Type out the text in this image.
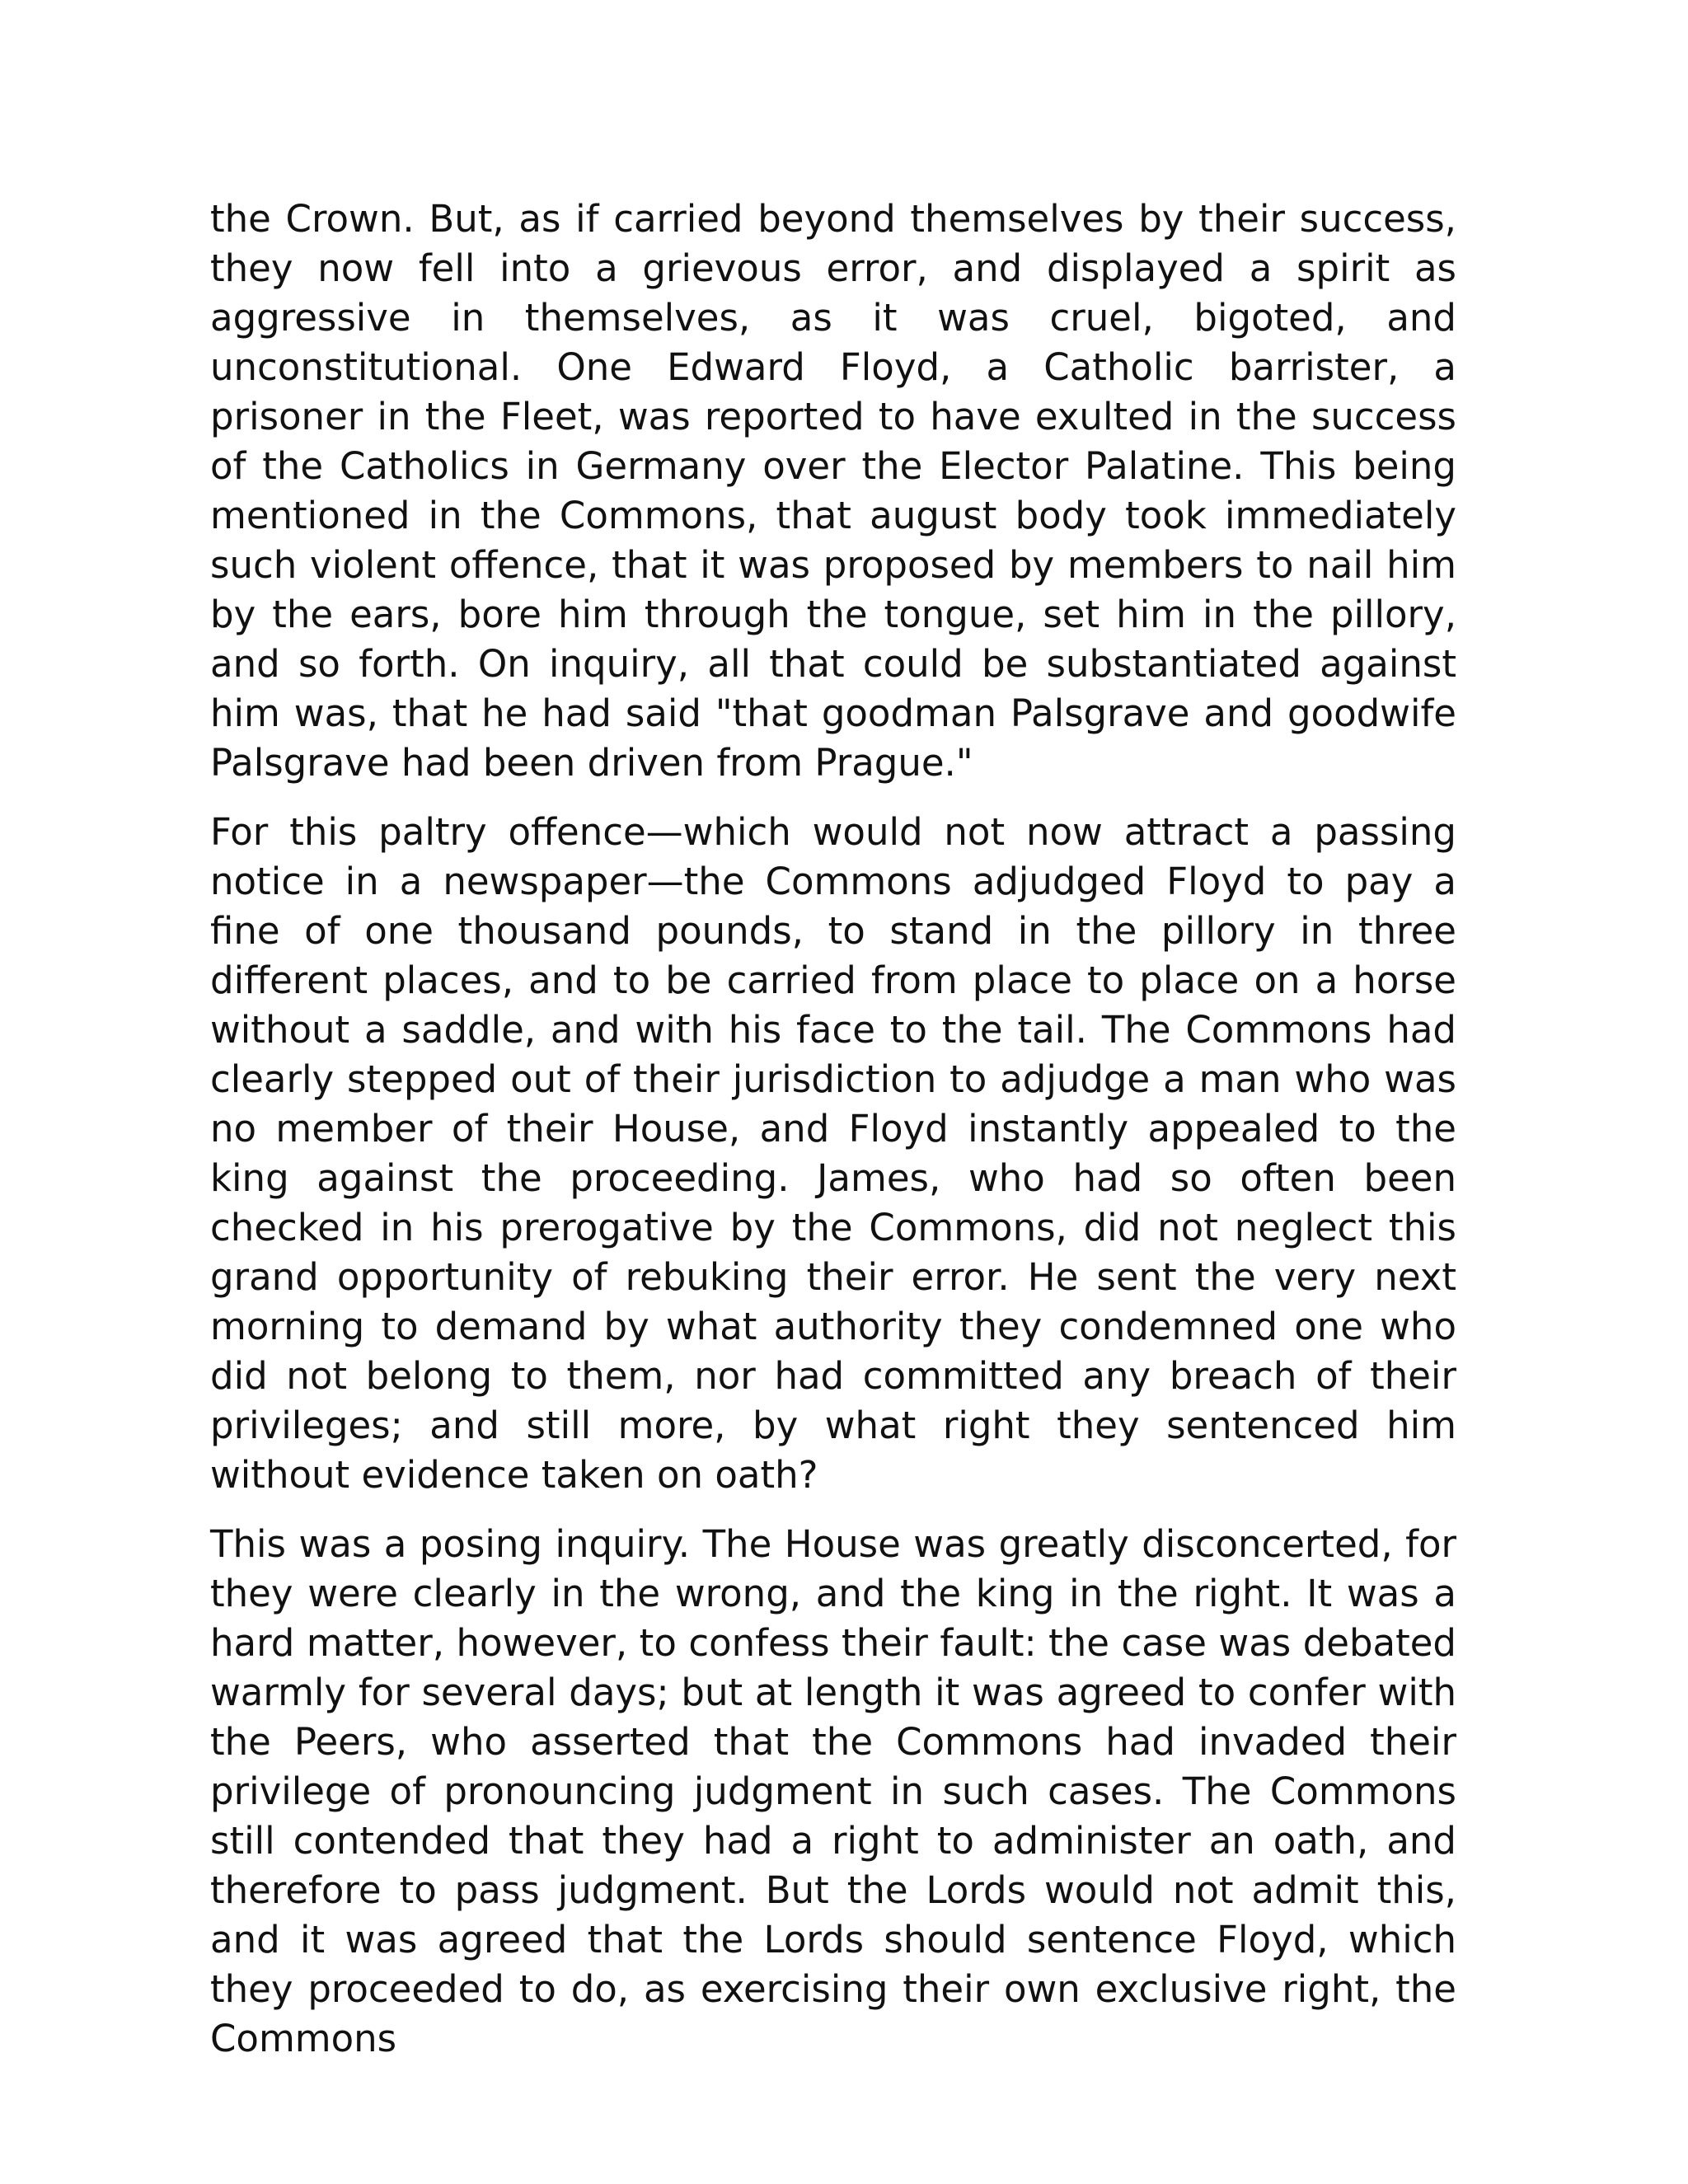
the Crown. But, as if carried beyond themselves by their success, they now fell into a grievous error, and displayed a spirit as aggressive in themselves, as it was cruel, bigoted, and unconstitutional. One Edward Floyd, a Catholic barrister, a prisoner in the Fleet, was reported to have exulted in the success of the Catholics in Germany over the Elector Palatine. This being mentioned in the Commons, that august body took immediately such violent offence, that it was proposed by members to nail him by the ears, bore him through the tongue, set him in the pillory, and so forth. On inquiry, all that could be substantiated against him was, that he had said "that goodman Palsgrave and goodwife Palsgrave had been driven from Prague."

For this paltry offence—which would not now attract a passing notice in a newspaper—the Commons adjudged Floyd to pay a fine of one thousand pounds, to stand in the pillory in three different places, and to be carried from place to place on a horse without a saddle, and with his face to the tail. The Commons had clearly stepped out of their jurisdiction to adjudge a man who was no member of their House, and Floyd instantly appealed to the king against the proceeding. James, who had so often been checked in his prerogative by the Commons, did not neglect this grand opportunity of rebuking their error. He sent the very next morning to demand by what authority they condemned one who did not belong to them, nor had committed any breach of their privileges; and still more, by what right they sentenced him without evidence taken on oath?

This was a posing inquiry. The House was greatly disconcerted, for they were clearly in the wrong, and the king in the right. It was a hard matter, however, to confess their fault: the case was debated warmly for several days; but at length it was agreed to confer with the Peers, who asserted that the Commons had invaded their privilege of pronouncing judgment in such cases. The Commons still contended that they had a right to administer an oath, and therefore to pass judgment. But the Lords would not admit this, and it was agreed that the Lords should sentence Floyd, which they proceeded to do, as exercising their own exclusive right, the Commons
